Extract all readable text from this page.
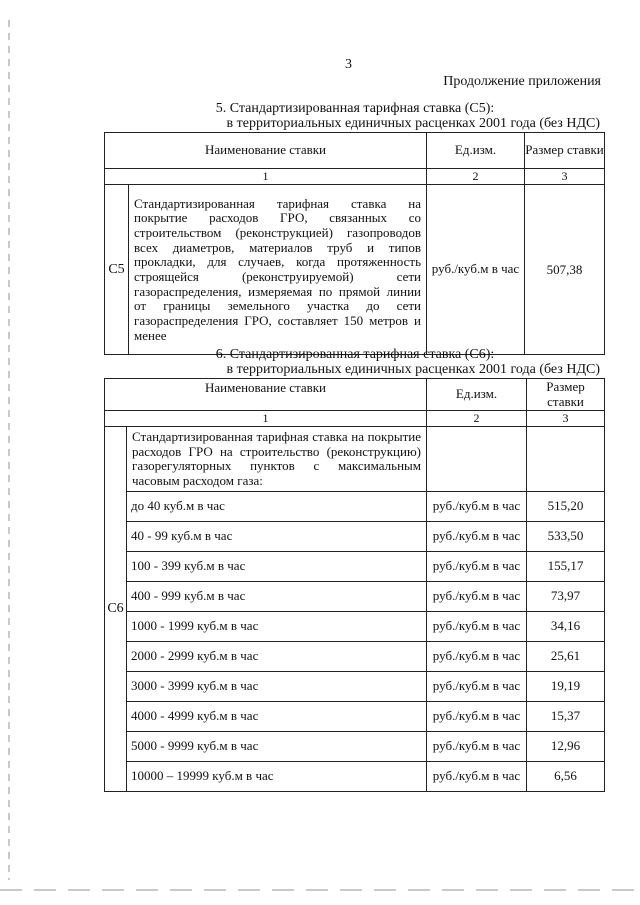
3
Продолжение приложения
5. Стандартизированная тарифная ставка (С5):
в территориальных единичных расценках 2001 года (без НДС)
Наименование ставки		Ед.изм.	Размер ставки
1		2	3
С5	Стандартизированная тарифная ставка на покрытие расходов ГРО, связанных со строительством (реконструкцией) газопроводов всех диаметров, материалов труб и типов прокладки, для случаев, когда протяженность строящейся (реконструируемой) сети газораспределения, измеряемая по прямой линии от границы земельного участка до сети газораспределения ГРО, составляет 150 метров и менее	руб./куб.м в час	507,38
6. Стандартизированная тарифная ставка (С6):
в территориальных единичных расценках 2001 года (без НДС)
Наименование ставки		Ед.изм.	Размер ставки
1		2	3
С6	Стандартизированная тарифная ставка на покрытие расходов ГРО на строительство (реконструкцию) газорегуляторных пунктов с максимальным часовым расходом газа:		
	до 40 куб.м в час	руб./куб.м в час	515,20
	40 - 99 куб.м в час	руб./куб.м в час	533,50
	100 - 399 куб.м в час	руб./куб.м в час	155,17
	400 - 999 куб.м в час	руб./куб.м в час	73,97
	1000 - 1999 куб.м в час	руб./куб.м в час	34,16
	2000 - 2999 куб.м в час	руб./куб.м в час	25,61
	3000 - 3999 куб.м в час	руб./куб.м в час	19,19
	4000 - 4999 куб.м в час	руб./куб.м в час	15,37
	5000 - 9999 куб.м в час	руб./куб.м в час	12,96
	10000 – 19999 куб.м в час	руб./куб.м в час	6,56
